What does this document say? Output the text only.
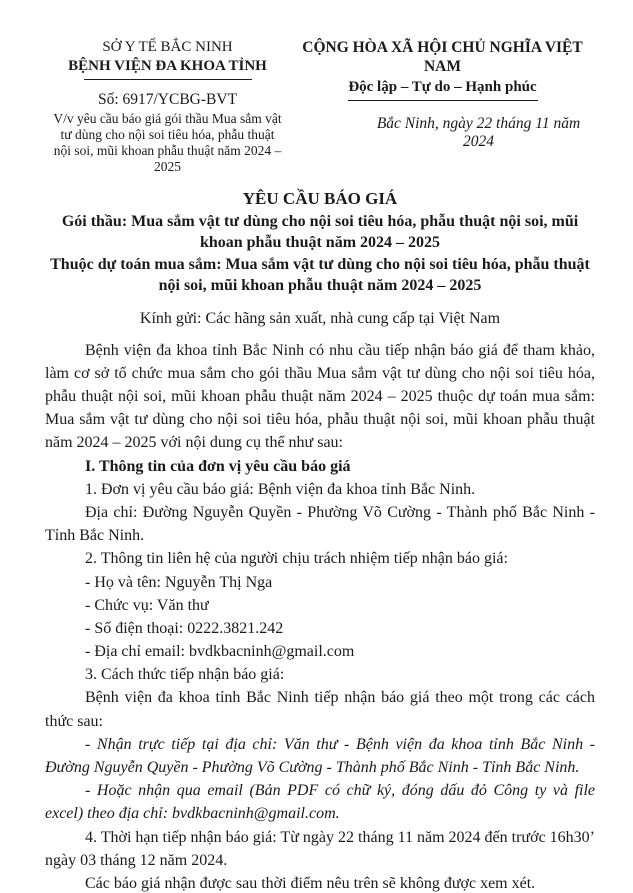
SỞ Y TẾ BẮC NINH
BỆNH VIỆN ĐA KHOA TỈNH
Số: 6917/YCBG-BVT
V/v yêu cầu báo giá gói thầu Mua sắm vật tư dùng cho nội soi tiêu hóa, phẫu thuật nội soi, mũi khoan phẫu thuật năm 2024 – 2025
CỘNG HÒA XÃ HỘI CHỦ NGHĨA VIỆT NAM
Độc lập – Tự do – Hạnh phúc
Bắc Ninh, ngày 22 tháng 11 năm 2024
YÊU CẦU BÁO GIÁ
Gói thầu: Mua sắm vật tư dùng cho nội soi tiêu hóa, phẫu thuật nội soi, mũi khoan phẫu thuật năm 2024 – 2025
Thuộc dự toán mua sắm: Mua sắm vật tư dùng cho nội soi tiêu hóa, phẫu thuật nội soi, mũi khoan phẫu thuật năm 2024 – 2025
Kính gửi: Các hãng sản xuất, nhà cung cấp tại Việt Nam

Bệnh viện đa khoa tỉnh Bắc Ninh có nhu cầu tiếp nhận báo giá để tham khảo, làm cơ sở tổ chức mua sắm cho gói thầu Mua sắm vật tư dùng cho nội soi tiêu hóa, phẫu thuật nội soi, mũi khoan phẫu thuật năm 2024 – 2025 thuộc dự toán mua sắm: Mua sắm vật tư dùng cho nội soi tiêu hóa, phẫu thuật nội soi, mũi khoan phẫu thuật năm 2024 – 2025 với nội dung cụ thể như sau:

I. Thông tin của đơn vị yêu cầu báo giá

1. Đơn vị yêu cầu báo giá: Bệnh viện đa khoa tỉnh Bắc Ninh.

Địa chỉ: Đường Nguyễn Quyền - Phường Võ Cường - Thành phố Bắc Ninh - Tỉnh Bắc Ninh.

2. Thông tin liên hệ của người chịu trách nhiệm tiếp nhận báo giá:

- Họ và tên: Nguyễn Thị Nga

- Chức vụ: Văn thư

- Số điện thoại: 0222.3821.242

- Địa chỉ email: bvdkbacninh@gmail.com

3. Cách thức tiếp nhận báo giá:

Bệnh viện đa khoa tỉnh Bắc Ninh tiếp nhận báo giá theo một trong các cách thức sau:

- Nhận trực tiếp tại địa chỉ: Văn thư - Bệnh viện đa khoa tỉnh Bắc Ninh - Đường Nguyễn Quyền - Phường Võ Cường - Thành phố Bắc Ninh - Tỉnh Bắc Ninh.

- Hoặc nhận qua email (Bản PDF có chữ ký, đóng dấu đỏ Công ty và file excel) theo địa chỉ: bvdkbacninh@gmail.com.

4. Thời hạn tiếp nhận báo giá: Từ ngày 22 tháng 11 năm 2024 đến trước 16h30’ ngày 03 tháng 12 năm 2024.

Các báo giá nhận được sau thời điểm nêu trên sẽ không được xem xét.
